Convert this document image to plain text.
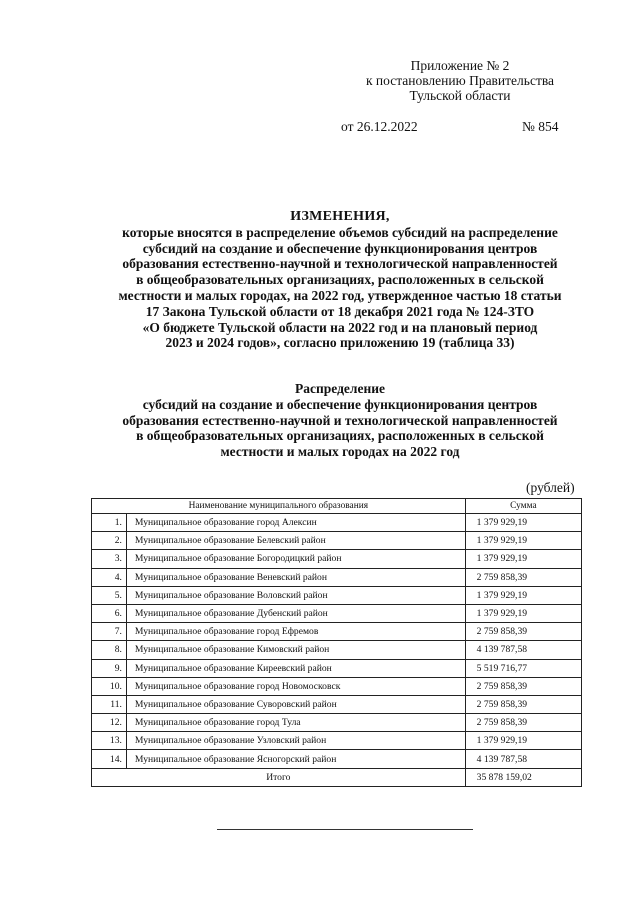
Приложение № 2
к постановлению Правительства
Тульской области
от 26.12.2022	№ 854
ИЗМЕНЕНИЯ,
которые вносятся в распределение объемов субсидий на распределение
субсидий на создание и обеспечение функционирования центров
образования естественно-научной и технологической направленностей
в общеобразовательных организациях, расположенных в сельской
местности и малых городах, на 2022 год, утвержденное частью 18 статьи
17 Закона Тульской области от 18 декабря 2021 года № 124-ЗТО
«О бюджете Тульской области на 2022 год и на плановый период
2023 и 2024 годов», согласно приложению 19 (таблица 33)
Распределение
субсидий на создание и обеспечение функционирования центров
образования естественно-научной и технологической направленностей
в общеобразовательных организациях, расположенных в сельской
местности и малых городах на 2022 год
(рублей)
Наименование муниципального образования		Сумма
1.	Муниципальное образование город Алексин	1 379 929,19
2.	Муниципальное образование Белевский район	1 379 929,19
3.	Муниципальное образование Богородицкий район	1 379 929,19
4.	Муниципальное образование Веневский район	2 759 858,39
5.	Муниципальное образование Воловский район	1 379 929,19
6.	Муниципальное образование Дубенский район	1 379 929,19
7.	Муниципальное образование город Ефремов	2 759 858,39
8.	Муниципальное образование Кимовский район	4 139 787,58
9.	Муниципальное образование Киреевский район	5 519 716,77
10.	Муниципальное образование город Новомосковск	2 759 858,39
11.	Муниципальное образование Суворовский район	2 759 858,39
12.	Муниципальное образование город Тула	2 759 858,39
13.	Муниципальное образование Узловский район	1 379 929,19
14.	Муниципальное образование Ясногорский район	4 139 787,58
Итого		35 878 159,02
